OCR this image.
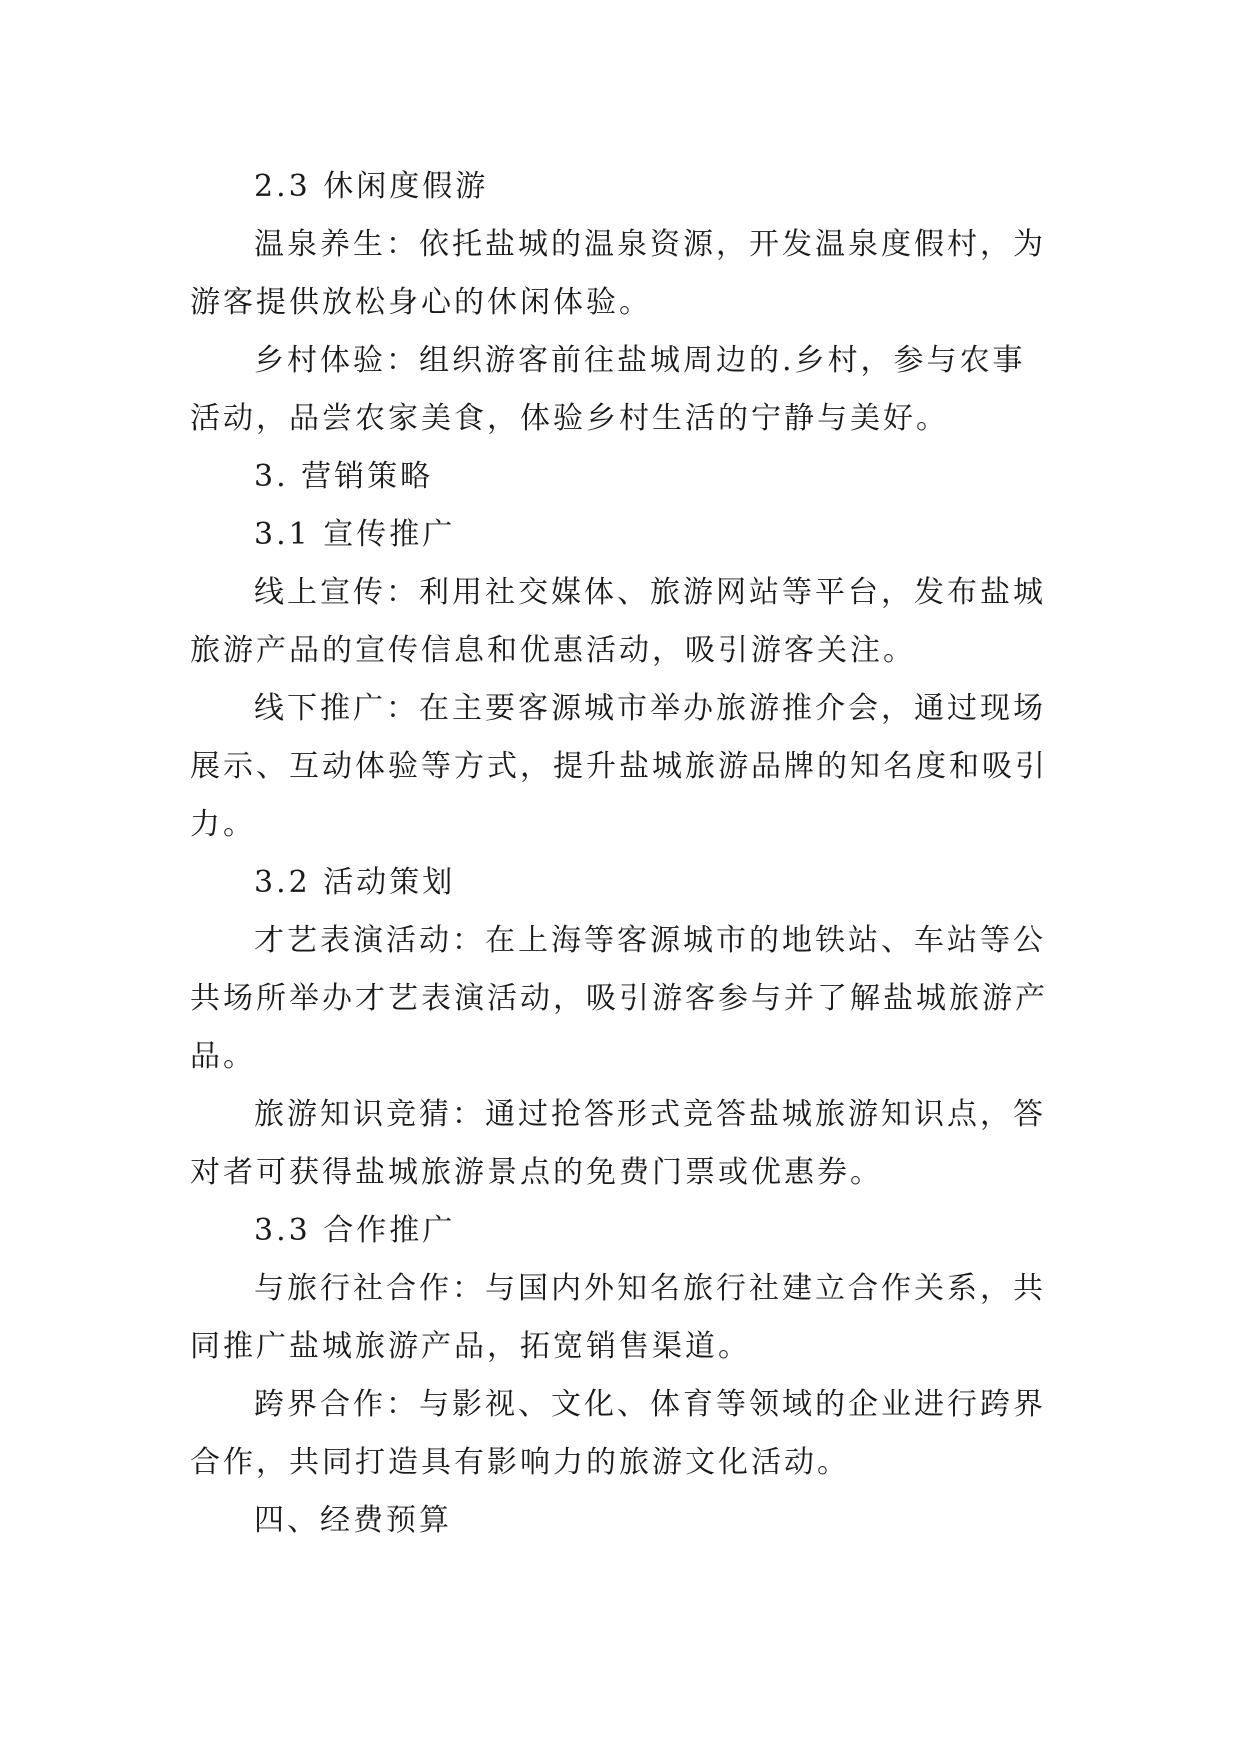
2.3 休闲度假游
温泉养生：依托盐城的温泉资源，开发温泉度假村，为
游客提供放松身心的休闲体验。
乡村体验：组织游客前往盐城周边的.乡村，参与农事
活动，品尝农家美食，体验乡村生活的宁静与美好。
3. 营销策略
3.1 宣传推广
线上宣传：利用社交媒体、旅游网站等平台，发布盐城
旅游产品的宣传信息和优惠活动，吸引游客关注。
线下推广：在主要客源城市举办旅游推介会，通过现场
展示、互动体验等方式，提升盐城旅游品牌的知名度和吸引
力。
3.2 活动策划
才艺表演活动：在上海等客源城市的地铁站、车站等公
共场所举办才艺表演活动，吸引游客参与并了解盐城旅游产
品。
旅游知识竞猜：通过抢答形式竞答盐城旅游知识点，答
对者可获得盐城旅游景点的免费门票或优惠券。
3.3 合作推广
与旅行社合作：与国内外知名旅行社建立合作关系，共
同推广盐城旅游产品，拓宽销售渠道。
跨界合作：与影视、文化、体育等领域的企业进行跨界
合作，共同打造具有影响力的旅游文化活动。
四、经费预算
